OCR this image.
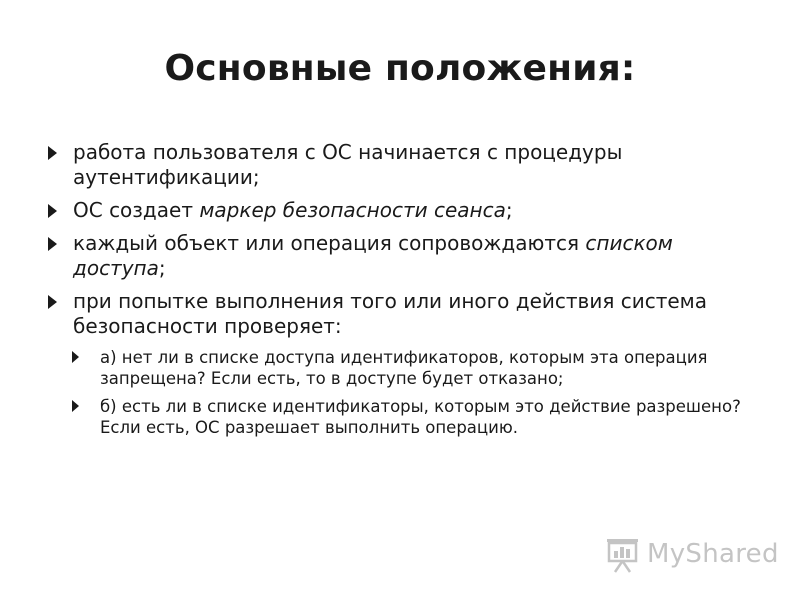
Основные положения:
работа пользователя с ОС начинается с процедуры аутентификации;
ОС создает маркер безопасности сеанса;
каждый объект или операция сопровождаются списком доступа;
при попытке выполнения того или иного действия система безопасности проверяет:
а) нет ли в списке доступа идентификаторов, которым эта операция запрещена? Если есть, то в доступе будет отказано;
б) есть ли в списке идентификаторы, которым это действие разрешено? Если есть, ОС разрешает выполнить операцию.
MyShared
